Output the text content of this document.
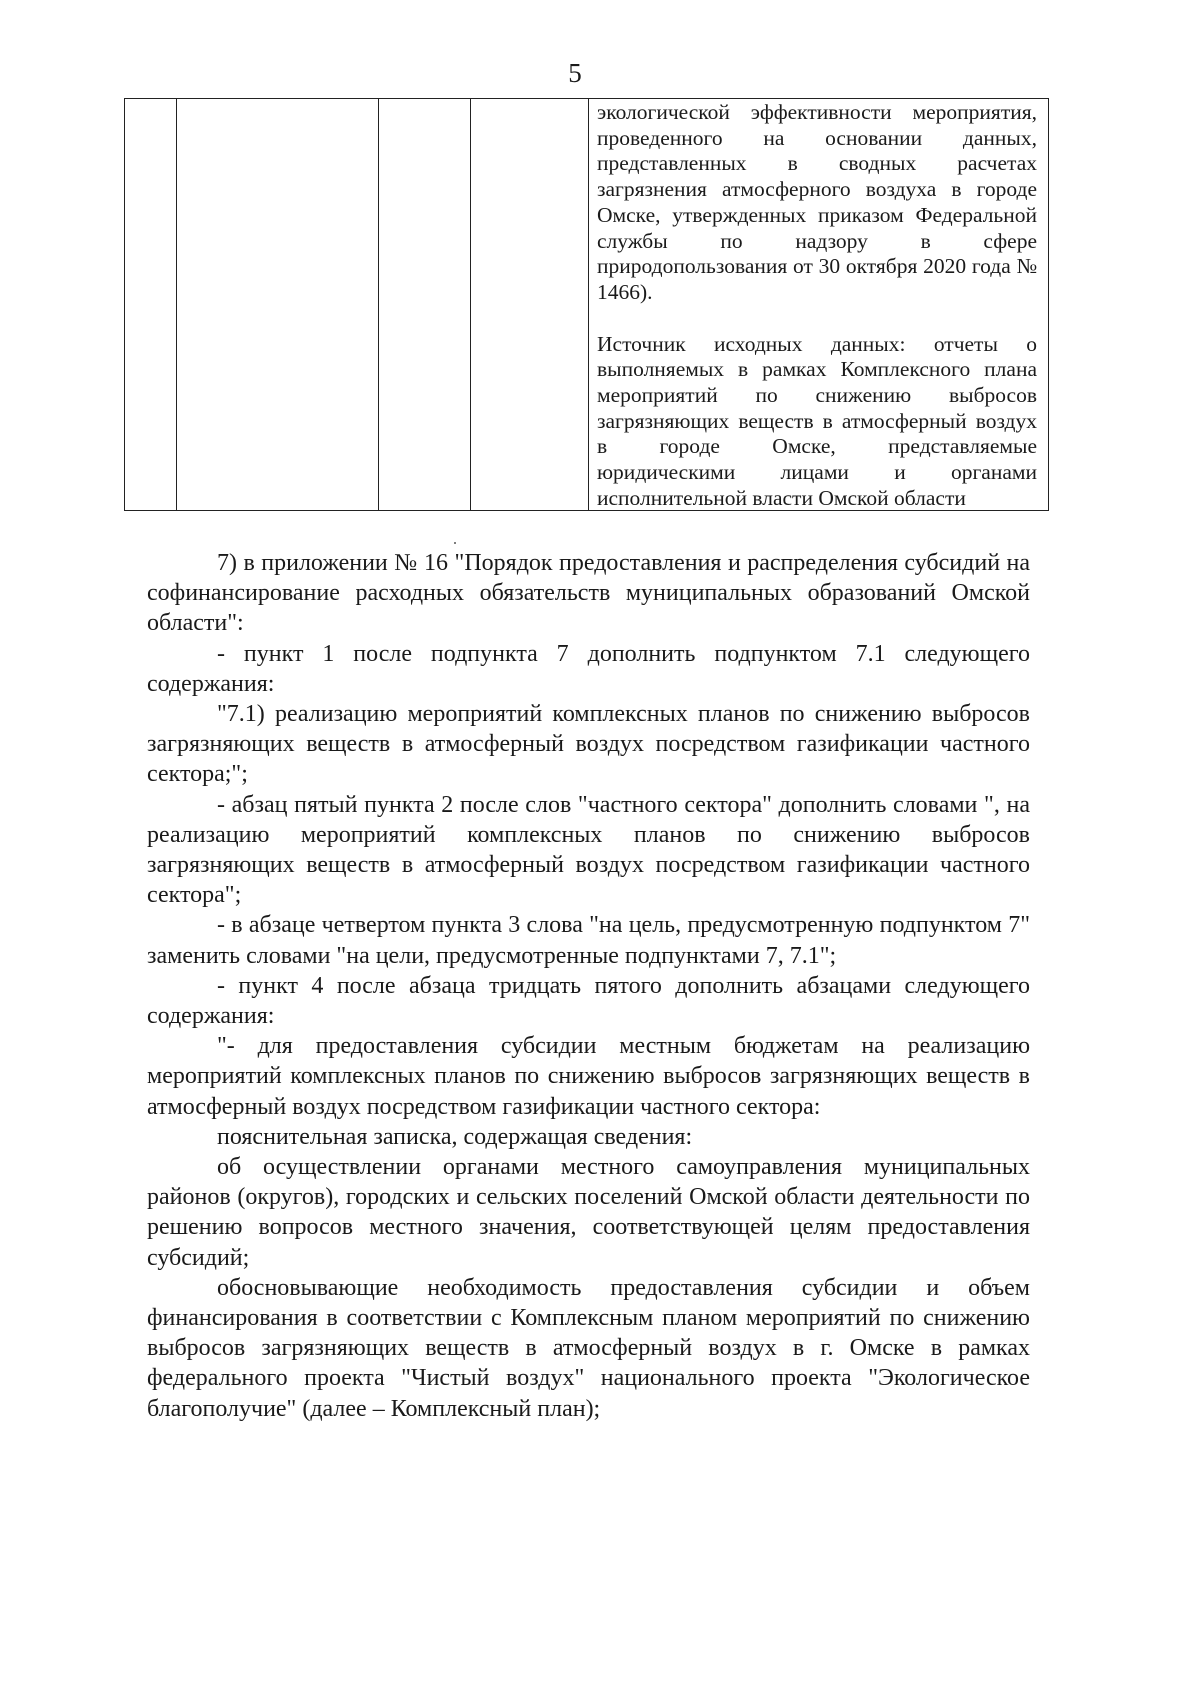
5

экологической эффективности мероприятия, проведенного на основании данных, представленных в сводных расчетах загрязнения атмосферного воздуха в городе Омске, утвержденных приказом Федеральной службы по надзору в сфере природопользования от 30 октября 2020 года № 1466).

Источник исходных данных: отчеты о выполняемых в рамках Комплексного плана мероприятий по снижению выбросов загрязняющих веществ в атмосферный воздух в городе Омске, представляемые юридическими лицами и органами исполнительной власти Омской области

7) в приложении № 16 "Порядок предоставления и распределения субсидий на софинансирование расходных обязательств муниципальных образований Омской области":

- пункт 1 после подпункта 7 дополнить подпунктом 7.1 следующего содержания:

"7.1) реализацию мероприятий комплексных планов по снижению выбросов загрязняющих веществ в атмосферный воздух посредством газификации частного сектора;";

- абзац пятый пункта 2 после слов "частного сектора" дополнить словами ", на реализацию мероприятий комплексных планов по снижению выбросов загрязняющих веществ в атмосферный воздух посредством газификации частного сектора";

- в абзаце четвертом пункта 3 слова "на цель, предусмотренную подпунктом 7" заменить словами "на цели, предусмотренные подпунктами 7, 7.1";

- пункт 4 после абзаца тридцать пятого дополнить абзацами следующего содержания:

"- для предоставления субсидии местным бюджетам на реализацию мероприятий комплексных планов по снижению выбросов загрязняющих веществ в атмосферный воздух посредством газификации частного сектора:

пояснительная записка, содержащая сведения:

об осуществлении органами местного самоуправления муниципальных районов (округов), городских и сельских поселений Омской области деятельности по решению вопросов местного значения, соответствующей целям предоставления субсидий;

обосновывающие необходимость предоставления субсидии и объем финансирования в соответствии с Комплексным планом мероприятий по снижению выбросов загрязняющих веществ в атмосферный воздух в г. Омске в рамках федерального проекта "Чистый воздух" национального проекта "Экологическое благополучие" (далее – Комплексный план);
